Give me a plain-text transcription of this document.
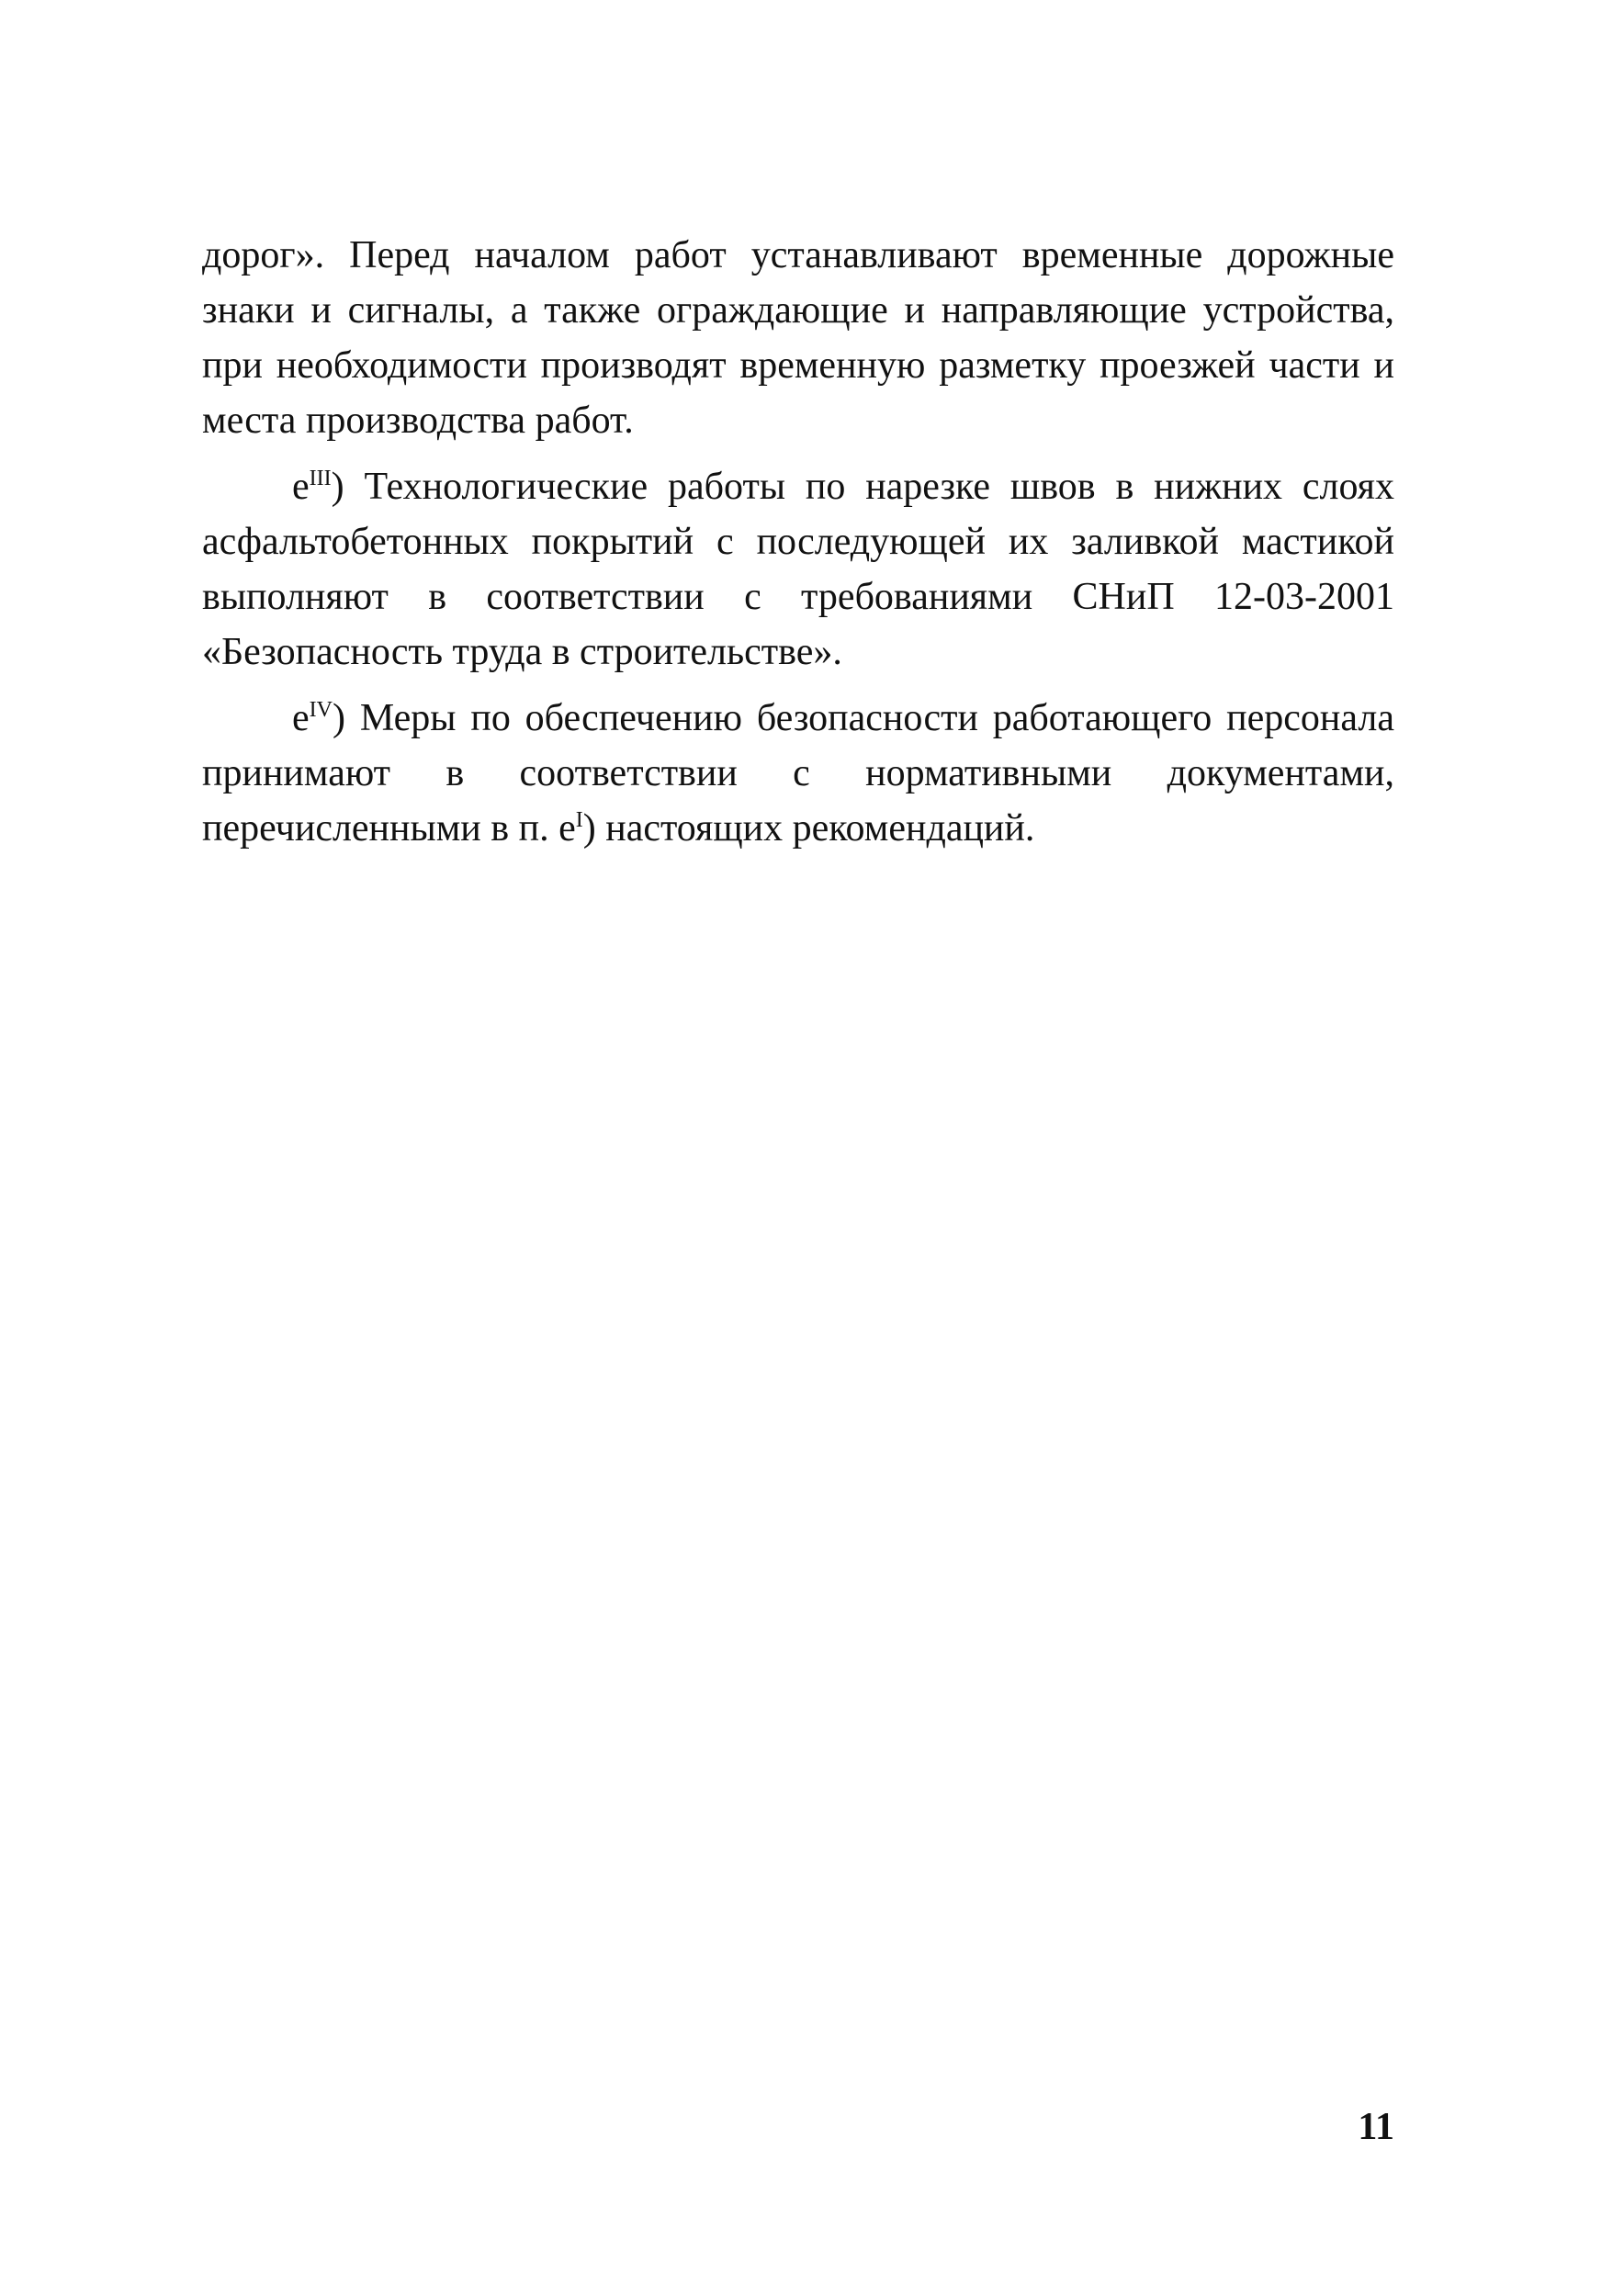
дорог». Перед началом работ устанавливают временные дорожные знаки и сигналы, а также ограждающие и направляющие устройства, при необходимости производят временную разметку проезжей части и места производства работ.

$e^{III}$) Технологические работы по нарезке швов в нижних слоях асфальтобетонных покрытий с последующей их заливкой мастикой выполняют в соответствии с требованиями СНиП 12-03-2001 «Безопасность труда в строительстве».

$e^{IV}$) Меры по обеспечению безопасности работающего персонала принимают в соответствии с нормативными документами, перечисленными в п. $e^I$) настоящих рекомендаций.

11
